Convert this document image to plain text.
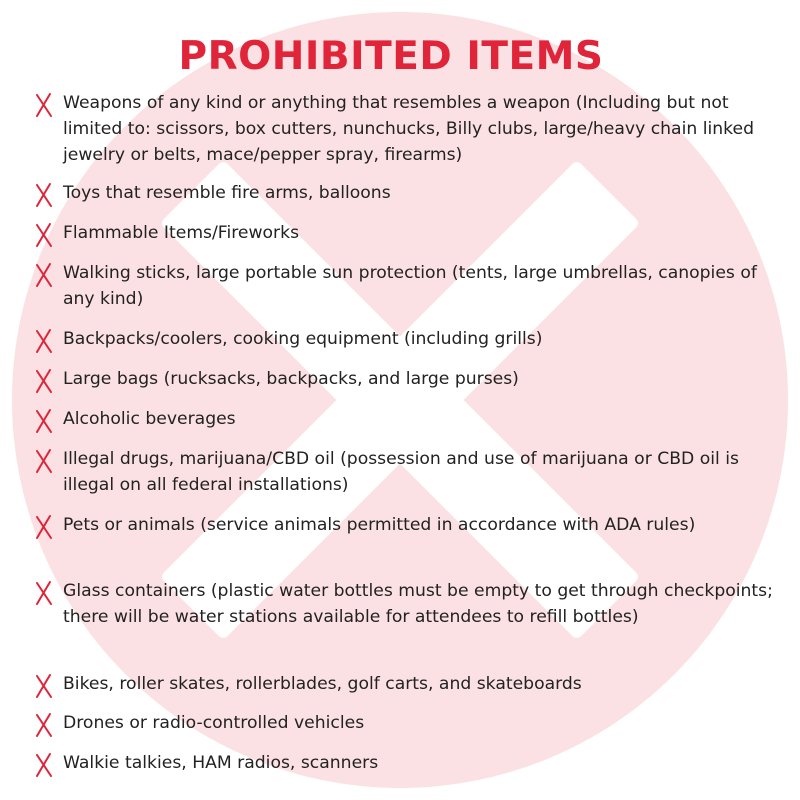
PROHIBITED ITEMS
Weapons of any kind or anything that resembles a weapon (Including but not limited to: scissors, box cutters, nunchucks, Billy clubs, large/heavy chain linked jewelry or belts, mace/pepper spray, firearms)
Toys that resemble fire arms, balloons
Flammable Items/Fireworks
Walking sticks, large portable sun protection (tents, large umbrellas, canopies of any kind)
Backpacks/coolers, cooking equipment (including grills)
Large bags (rucksacks, backpacks, and large purses)
Alcoholic beverages
Illegal drugs, marijuana/CBD oil (possession and use of marijuana or CBD oil is illegal on all federal installations)
Pets or animals (service animals permitted in accordance with ADA rules)
Glass containers (plastic water bottles must be empty to get through checkpoints; there will be water stations available for attendees to refill bottles)
Bikes, roller skates, rollerblades, golf carts, and skateboards
Drones or radio-controlled vehicles
Walkie talkies, HAM radios, scanners
